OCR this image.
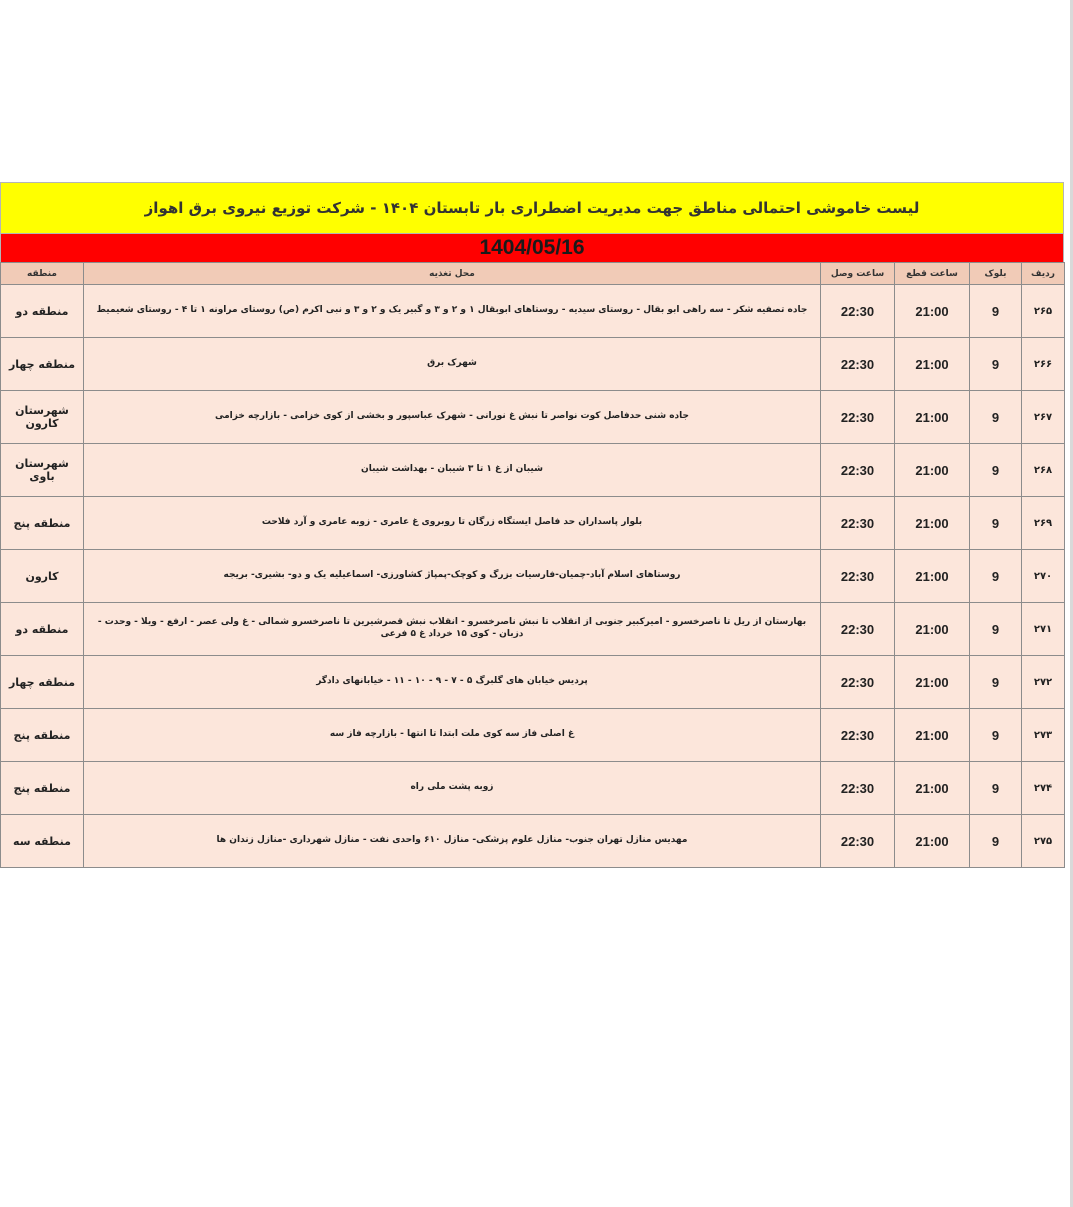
لیست خاموشی احتمالی مناطق جهت مدیریت اضطراری بار تابستان ۱۴۰۴ - شرکت توزیع نیروی برق اهواز
1404/05/16
ردیف	بلوک	ساعت قطع	ساعت وصل	محل تغذیه	منطقه
۲۶۵	9	21:00	22:30	جاده تصفیه شکر - سه راهی ابو بقال - روستای سیدیه - روستاهای ابوبقال ۱ و ۲ و ۳ و گبیر یک و ۲ و ۳ و نبی اکرم (ص) روستای مراونه ۱ تا ۴ - روستای شعیمیط	منطقه دو
۲۶۶	9	21:00	22:30	شهرک برق	منطقه چهار
۲۶۷	9	21:00	22:30	جاده شنی حدفاصل کوت نواصر تا نبش غ نورانی - شهرک عباسپور و بخشی از کوی خزامی - بازارچه خزامی	شهرستان کارون
۲۶۸	9	21:00	22:30	شیبان از غ ۱ تا ۳ شیبان - بهداشت شیبان	شهرستان باوی
۲۶۹	9	21:00	22:30	بلوار پاسداران حد فاصل ایستگاه زرگان تا روبروی غ عامری - زوبه عامری و آرد فلاحت	منطقه پنج
۲۷۰	9	21:00	22:30	روستاهای اسلام آباد-چمیان-فارسیات بزرگ و کوچک-پمپاژ کشاورزی- اسماعیلیه یک و دو- بشیری- بریجه	کارون
۲۷۱	9	21:00	22:30	بهارستان از ریل تا ناصرخسرو - امیرکبیر جنوبی از انقلاب تا نبش ناصرخسرو - انقلاب نبش قصرشیرین تا ناصرخسرو شمالی - غ ولی عصر - ارفع - ویلا - وحدت - دزبان - کوی ۱۵ خرداد غ ۵ فرعی	منطقه دو
۲۷۲	9	21:00	22:30	پردیس خیابان های گلبرگ ۵ - ۷ - ۹ - ۱۰ - ۱۱ - خیابانهای دادگر	منطقه چهار
۲۷۳	9	21:00	22:30	غ اصلی فاز سه کوی ملت ابتدا تا انتها - بازارچه فاز سه	منطقه پنج
۲۷۴	9	21:00	22:30	زوبه پشت ملی راه	منطقه پنج
۲۷۵	9	21:00	22:30	مهدیس منازل تهران جنوب- منازل علوم پزشکی- منازل ۶۱۰ واحدی نفت - منازل شهرداری -منازل زندان ها	منطقه سه
